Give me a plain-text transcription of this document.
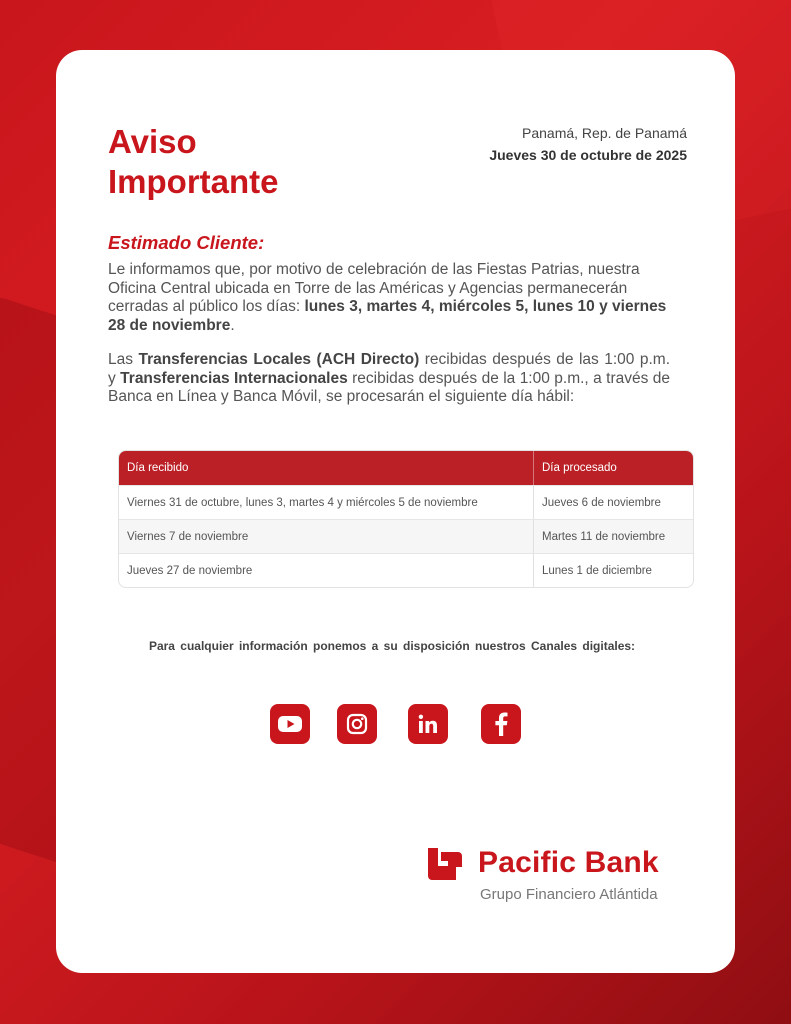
Aviso
Importante
Panamá, Rep. de Panamá
Jueves 30 de octubre de 2025
Estimado Cliente:
Le informamos que, por motivo de celebración de las Fiestas Patrias, nuestra Oficina Central ubicada en Torre de las Américas y Agencias permanecerán cerradas al público los días: lunes 3, martes 4, miércoles 5, lunes 10 y viernes 28 de noviembre.
Las Transferencias Locales (ACH Directo) recibidas después de las 1:00 p.m. y Transferencias Internacionales recibidas después de la 1:00 p.m., a través de Banca en Línea y Banca Móvil, se procesarán el siguiente día hábil:
Día recibido	Día procesado
Viernes 31 de octubre, lunes 3, martes 4 y miércoles 5 de noviembre	Jueves 6 de noviembre
Viernes 7 de noviembre	Martes 11 de noviembre
Jueves 27 de noviembre	Lunes 1 de diciembre
Para cualquier información ponemos a su disposición nuestros Canales digitales:
Pacific Bank
Grupo Financiero Atlántida
